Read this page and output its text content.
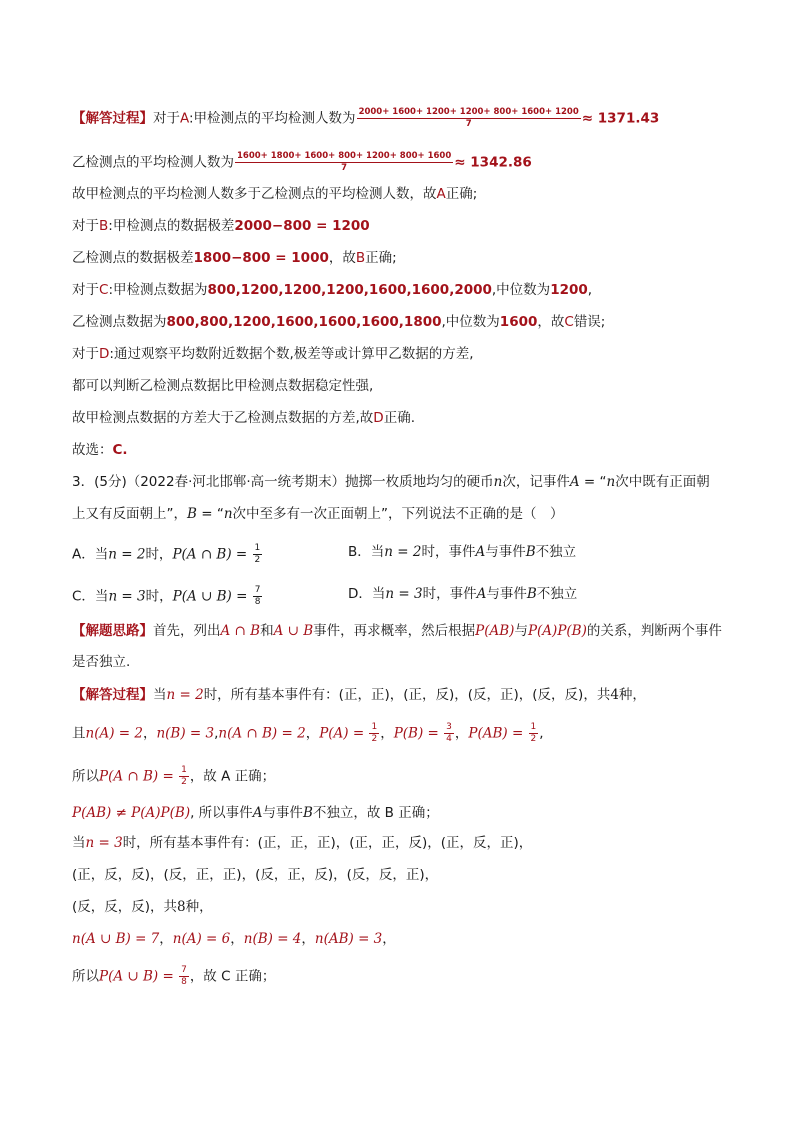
【解答过程】对于A:甲检测点的平均检测人数为 $\frac{2000+ 1600+ 1200+ 1200+ 800+ 1600+ 1200}{7} \approx 1371.43$
乙检测点的平均检测人数为 $\frac{1600+ 1800+ 1600+ 800+ 1200+ 800+ 1600}{7} \approx 1342.86$
故甲检测点的平均检测人数多于乙检测点的平均检测人数，故A正确;
对于B:甲检测点的数据极差2000−800 = 1200
乙检测点的数据极差1800−800 = 1000，故B正确;
对于C:甲检测点数据为800,1200,1200,1200,1600,1600,2000,中位数为1200,
乙检测点数据为800,800,1200,1600,1600,1600,1800,中位数为1600，故C错误;
对于D:通过观察平均数附近数据个数,极差等或计算甲乙数据的方差,
都可以判断乙检测点数据比甲检测点数据稳定性强,
故甲检测点数据的方差大于乙检测点数据的方差,故D正确.
故选：C.
3．(5分)（2022春·河北邯郸·高一统考期末）抛掷一枚质地均匀的硬币n次，记事件A = “n次中既有正面朝
上又有反面朝上”，B = “n次中至多有一次正面朝上”，下列说法不正确的是（　）
A．当n = 2时，P(A ∩ $B) = \frac{1}{2}$	B．当n = 2时，事件A与事件B不独立
C．当n = 3时，P(A ∪ $B) = \frac{7}{8}$	D．当n = 3时，事件A与事件B不独立
【解题思路】首先，列出A ∩ B和A ∪ B事件，再求概率，然后根据P(AB)与P(A)P(B)的关系，判断两个事件
是否独立.
【解答过程】当n = 2时，所有基本事件有：(正，正)，(正，反)，(反，正)，(反，反)，共4种，
且n(A) = 2，n(B) = 3,n(A ∩ B) = 2，$P(A) = \frac{1}{2}$ ，$P(B) = \frac{3}{4}$ ，$P(AB) = \frac{1}{2}$ ,
所以P(A ∩ $B) = \frac{1}{2}$ ，故 A 正确；
P(AB) ≠ P(A)P(B), 所以事件A与事件B不独立，故 B 正确；
当n = 3时，所有基本事件有：(正，正，正)，(正，正，反)，(正，反，正)，
(正，反，反)，(反，正，正)，(反，正，反)，(反，反，正)，
(反，反，反)，共8种，
n(A ∪ B) = 7，n(A) = 6，n(B) = 4，n(AB) = 3，
所以P(A ∪ $B) = \frac{7}{8}$ ，故 C 正确；
